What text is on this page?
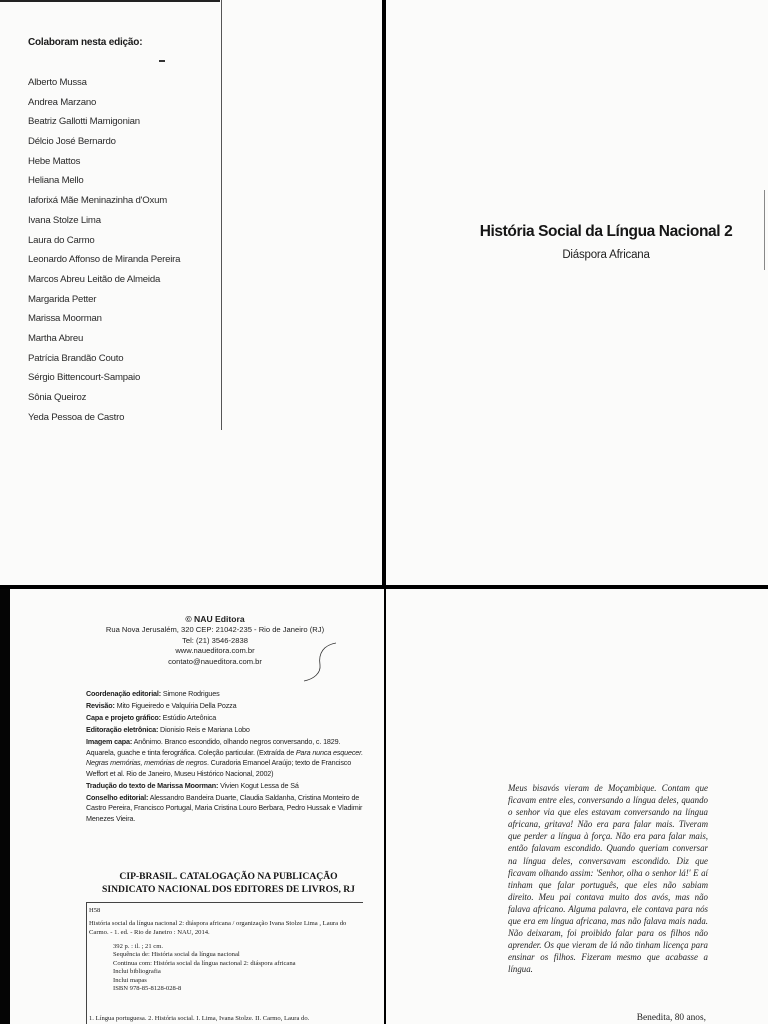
Colaboram nesta edição:
Alberto Mussa
Andrea Marzano
Beatriz Gallotti Mamigonian
Délcio José Bernardo
Hebe Mattos
Heliana Mello
Iaforixá Mãe Meninazinha d'Oxum
Ivana Stolze Lima
Laura do Carmo
Leonardo Affonso de Miranda Pereira
Marcos Abreu Leitão de Almeida
Margarida Petter
Marissa Moorman
Martha Abreu
Patrícia Brandão Couto
Sérgio Bittencourt-Sampaio
Sônia Queiroz
Yeda Pessoa de Castro
História Social da Língua Nacional 2
Diáspora Africana
© NAU Editora
Rua Nova Jerusalém, 320 CEP: 21042-235 - Rio de Janeiro (RJ)
Tel: (21) 3546-2838
www.naueditora.com.br
contato@naueditora.com.br
Coordenação editorial: Simone Rodrigues
Revisão: Mito Figueiredo e Valquíria Della Pozza
Capa e projeto gráfico: Estúdio Arteônica
Editoração eletrônica: Dionisio Reis e Mariana Lobo
Imagem capa: Anônimo. Branco escondido, olhando negros conversando, c. 1829. Aquarela, guache e tinta ferográfica. Coleção particular. (Extraída de Para nunca esquecer. Negras memórias, memórias de negros. Curadoria Emanoel Araújo; texto de Francisco Weffort et al. Rio de Janeiro, Museu Histórico Nacional, 2002)
Tradução do texto de Marissa Moorman: Vivien Kogut Lessa de Sá
Conselho editorial: Alessandro Bandeira Duarte, Claudia Saldanha, Cristina Monteiro de Castro Pereira, Francisco Portugal, Maria Cristina Louro Berbara, Pedro Hussak e Vladimir Menezes Vieira.
CIP-BRASIL. CATALOGAÇÃO NA PUBLICAÇÃO
SINDICATO NACIONAL DOS EDITORES DE LIVROS, RJ
H58
História social da língua nacional 2: diáspora africana / organização Ivana Stolze Lima , Laura do Carmo. - 1. ed. - Rio de Janeiro : NAU, 2014.
392 p. : il. ; 21 cm.
Sequência de: História social da língua nacional
Continua com: História social da língua nacional 2: diáspora africana
Inclui bibliografia
Inclui mapas
ISBN 978-85-8128-028-8
1. Língua portuguesa. 2. História social. I. Lima, Ivana Stolze. II. Carmo, Laura do.
Meus bisavós vieram de Moçambique. Contam que ficavam entre eles, conversando a língua deles, quando o senhor via que eles estavam conversando na língua africana, gritava! Não era para falar mais. Tiveram que perder a língua à força. Não era para falar mais, então falavam escondido. Quando queriam conversar na língua deles, conversavam escondido. Diz que ficavam olhando assim: 'Senhor, olha o senhor lá!' E aí tinham que falar português, que eles não sabiam direito. Meu pai contava muito dos avós, mas não falava africano. Alguma palavra, ele contava para nós que era em língua africana, mas não falava mais nada. Não deixaram, foi proibido falar para os filhos não aprender. Os que vieram de lá não tinham licença para ensinar os filhos. Fizeram mesmo que acabasse a língua.
Benedita, 80 anos,
